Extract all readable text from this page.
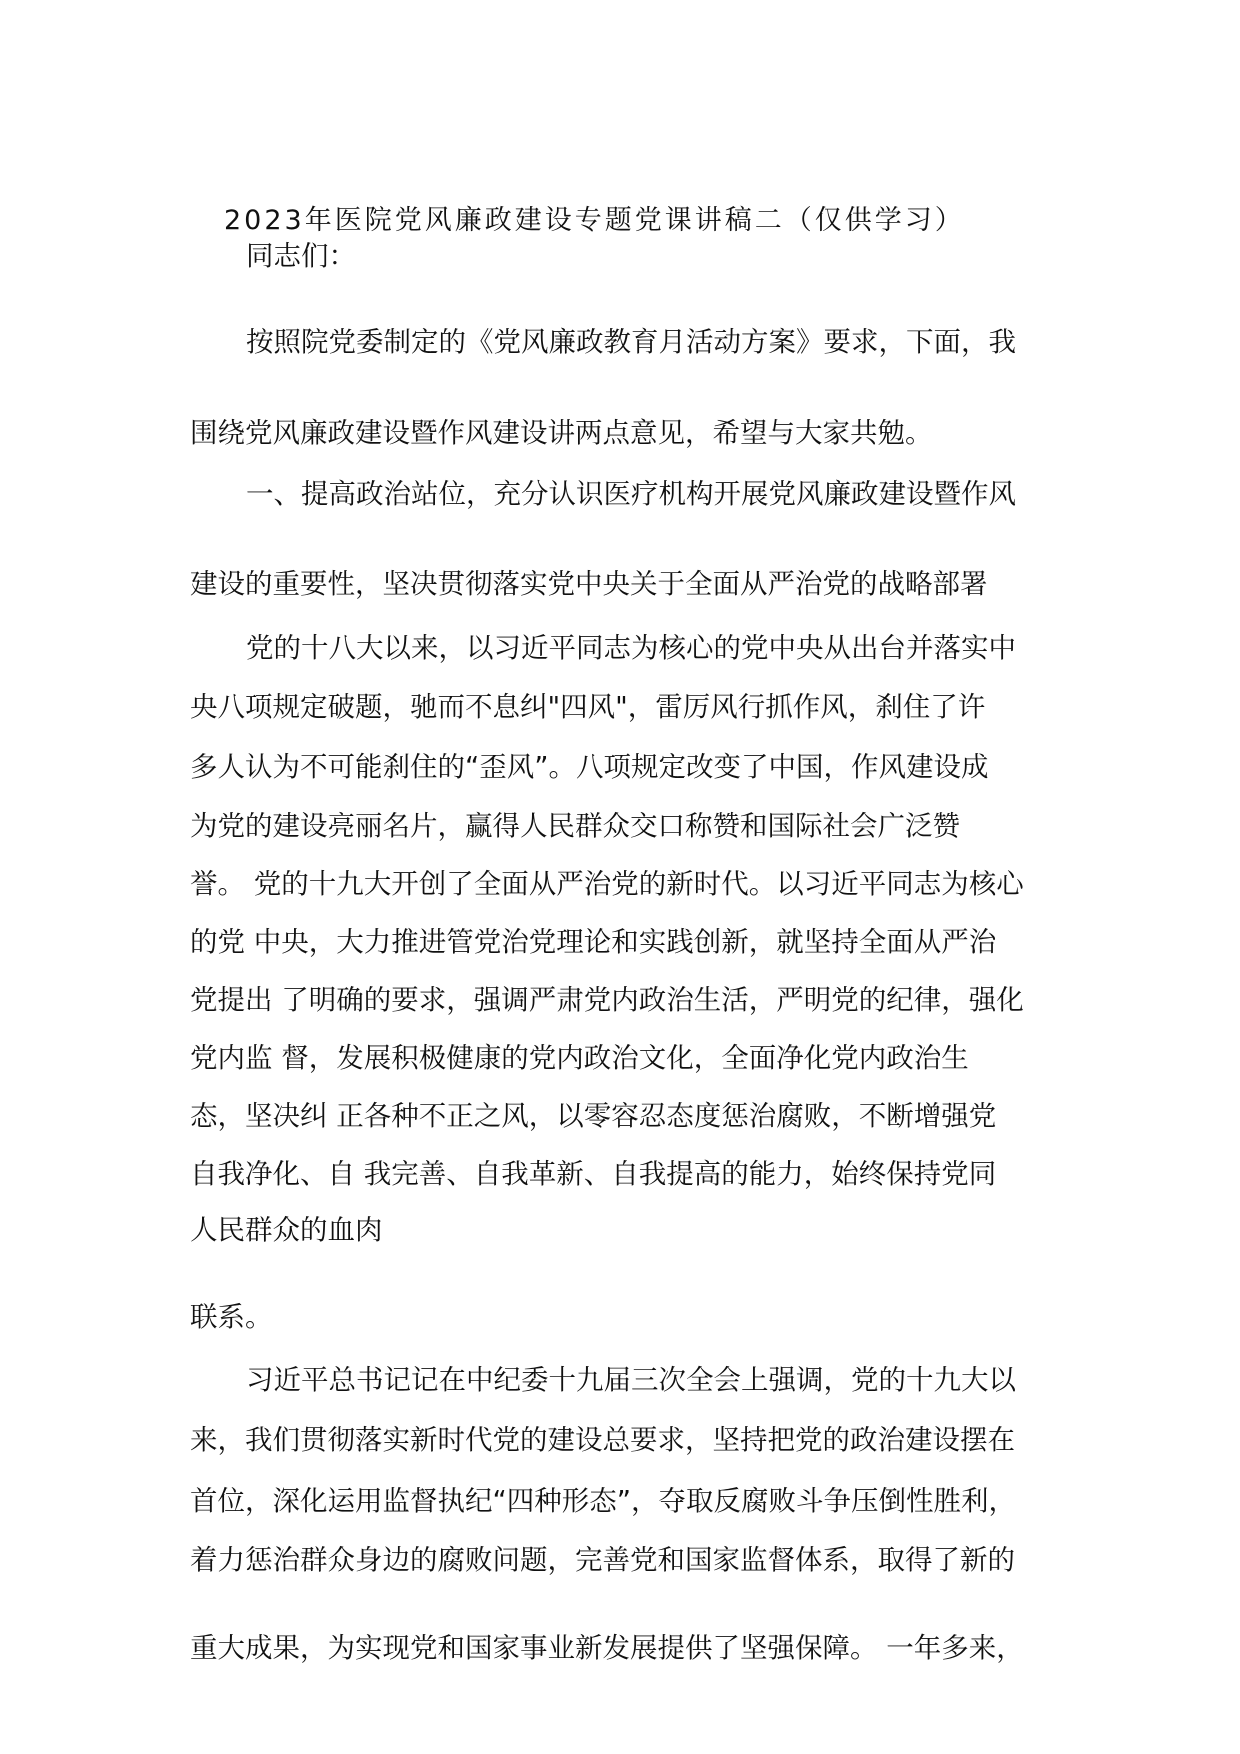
2023年医院党风廉政建设专题党课讲稿二（仅供学习）
同志们：
按照院党委制定的《党风廉政教育月活动方案》要求，下面，我
围绕党风廉政建设暨作风建设讲两点意见，希望与大家共勉。
一、提高政治站位，充分认识医疗机构开展党风廉政建设暨作风
建设的重要性，坚决贯彻落实党中央关于全面从严治党的战略部署
党的十八大以来，以习近平同志为核心的党中央从出台并落实中
央八项规定破题，驰而不息纠"四风"，雷厉风行抓作风，刹住了许
多人认为不可能刹住的“歪风”。八项规定改变了中国，作风建设成
为党的建设亮丽名片，赢得人民群众交口称赞和国际社会广泛赞
誉。 党的十九大开创了全面从严治党的新时代。以习近平同志为核心
的党 中央，大力推进管党治党理论和实践创新，就坚持全面从严治
党提出 了明确的要求，强调严肃党内政治生活，严明党的纪律，强化
党内监 督，发展积极健康的党内政治文化，全面净化党内政治生
态，坚决纠 正各种不正之风，以零容忍态度惩治腐败，不断增强党
自我净化、自 我完善、自我革新、自我提高的能力，始终保持党同
人民群众的血肉
联系。
习近平总书记记在中纪委十九届三次全会上强调，党的十九大以
来，我们贯彻落实新时代党的建设总要求，坚持把党的政治建设摆在
首位，深化运用监督执纪“四种形态”，夺取反腐败斗争压倒性胜利，
着力惩治群众身边的腐败问题，完善党和国家监督体系，取得了新的
重大成果，为实现党和国家事业新发展提供了坚强保障。 一年多来，
